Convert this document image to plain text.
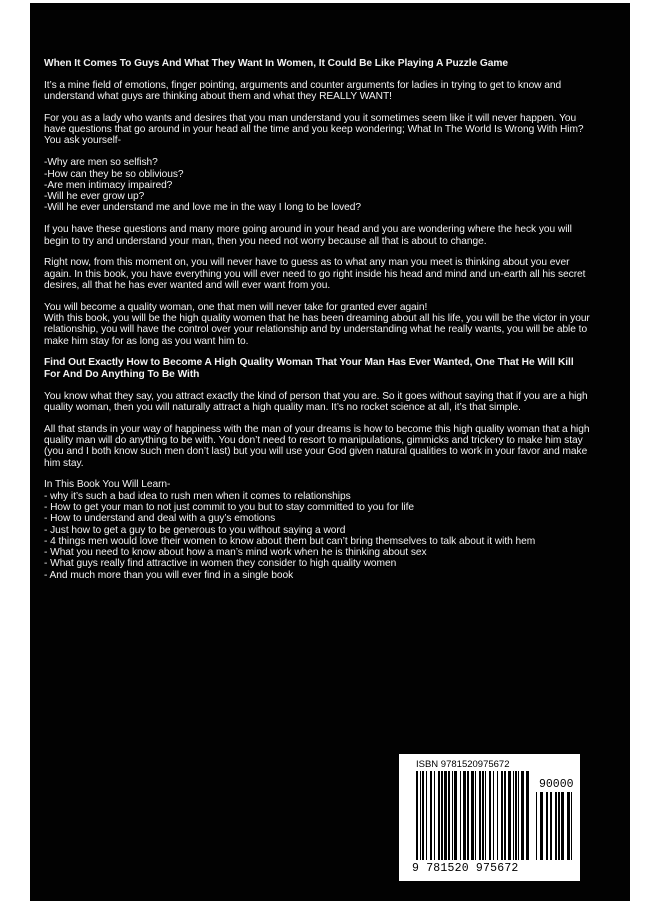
When It Comes To Guys And What They Want In Women, It Could Be Like Playing A Puzzle Game

It’s a mine field of emotions, finger pointing, arguments and counter arguments for ladies in trying to get to know and understand what guys are thinking about them and what they REALLY WANT!

For you as a lady who wants and desires that you man understand you it sometimes seem like it will never happen. You have questions that go around in your head all the time and you keep wondering; What In The World Is Wrong With Him? You ask yourself-

-Why are men so selfish?
-How can they be so oblivious?
-Are men intimacy impaired?
-Will he ever grow up?
-Will he ever understand me and love me in the way I long to be loved?

If you have these questions and many more going around in your head and you are wondering where the heck you will begin to try and understand your man, then you need not worry because all that is about to change.

Right now, from this moment on, you will never have to guess as to what any man you meet is thinking about you ever again. In this book, you have everything you will ever need to go right inside his head and mind and un-earth all his secret desires, all that he has ever wanted and will ever want from you.

You will become a quality woman, one that men will never take for granted ever again!
With this book, you will be the high quality women that he has been dreaming about all his life, you will be the victor in your relationship, you will have the control over your relationship and by understanding what he really wants, you will be able to make him stay for as long as you want him to.

Find Out Exactly How to Become A High Quality Woman That Your Man Has Ever Wanted, One That He Will Kill For And Do Anything To Be With

You know what they say, you attract exactly the kind of person that you are. So it goes without saying that if you are a high quality woman, then you will naturally attract a high quality man. It’s no rocket science at all, it’s that simple.

All that stands in your way of happiness with the man of your dreams is how to become this high quality woman that a high quality man will do anything to be with. You don’t need to resort to manipulations, gimmicks and trickery to make him stay (you and I both know such men don’t last) but you will use your God given natural qualities to work in your favor and make him stay.

In This Book You Will Learn-
- why it’s such a bad idea to rush men when it comes to relationships
- How to get your man to not just commit to you but to stay committed to you for life
- How to understand and deal with a guy’s emotions
- Just how to get a guy to be generous to you without saying a word
- 4 things men would love their women to know about them but can’t bring themselves to talk about it with hem
- What you need to know about how a man’s mind work when he is thinking about sex
- What guys really find attractive in women they consider to high quality women
- And much more than you will ever find in a single book

ISBN 9781520975672
90000
9 781520 975672
